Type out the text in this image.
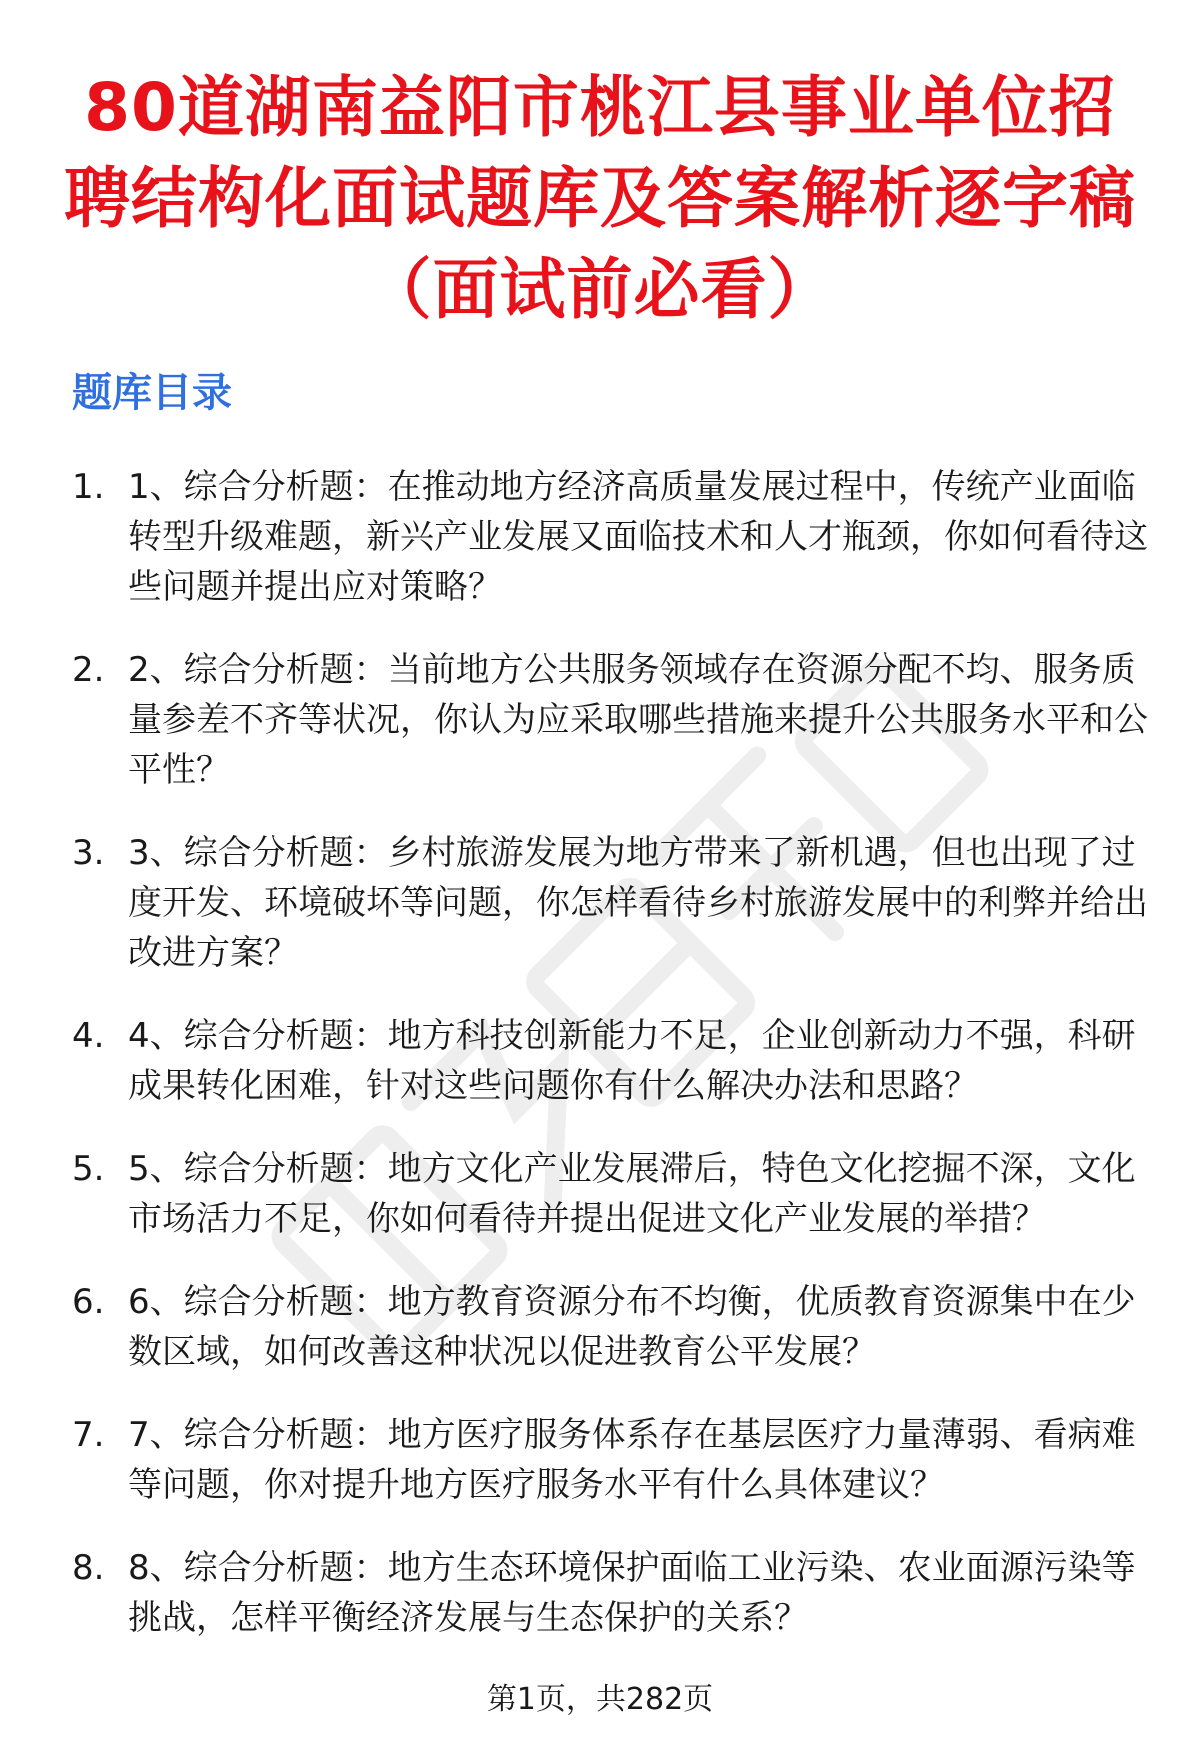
80道湖南益阳市桃江县事业单位招聘结构化面试题库及答案解析逐字稿（面试前必看）
题库目录
1. 1、综合分析题：在推动地方经济高质量发展过程中，传统产业面临转型升级难题，新兴产业发展又面临技术和人才瓶颈，你如何看待这些问题并提出应对策略？
2. 2、综合分析题：当前地方公共服务领域存在资源分配不均、服务质量参差不齐等状况，你认为应采取哪些措施来提升公共服务水平和公平性？
3. 3、综合分析题：乡村旅游发展为地方带来了新机遇，但也出现了过度开发、环境破坏等问题，你怎样看待乡村旅游发展中的利弊并给出改进方案？
4. 4、综合分析题：地方科技创新能力不足，企业创新动力不强，科研成果转化困难，针对这些问题你有什么解决办法和思路？
5. 5、综合分析题：地方文化产业发展滞后，特色文化挖掘不深，文化市场活力不足，你如何看待并提出促进文化产业发展的举措？
6. 6、综合分析题：地方教育资源分布不均衡，优质教育资源集中在少数区域，如何改善这种状况以促进教育公平发展？
7. 7、综合分析题：地方医疗服务体系存在基层医疗力量薄弱、看病难等问题，你对提升地方医疗服务水平有什么具体建议？
8. 8、综合分析题：地方生态环境保护面临工业污染、农业面源污染等挑战，怎样平衡经济发展与生态保护的关系？
第1页，共282页
